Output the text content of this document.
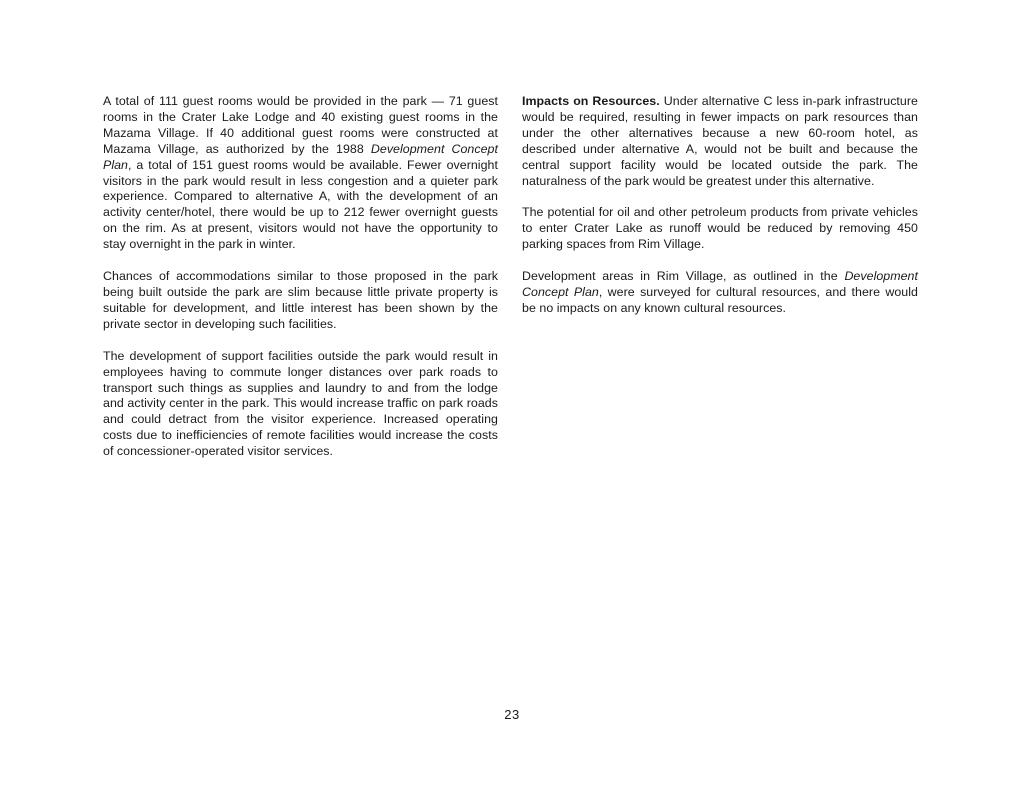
A total of 111 guest rooms would be provided in the park — 71 guest rooms in the Crater Lake Lodge and 40 existing guest rooms in the Mazama Village. If 40 additional guest rooms were constructed at Mazama Village, as authorized by the 1988 Development Concept Plan, a total of 151 guest rooms would be available. Fewer overnight visitors in the park would result in less congestion and a quieter park experience. Compared to alternative A, with the development of an activity center/hotel, there would be up to 212 fewer overnight guests on the rim. As at present, visitors would not have the opportunity to stay overnight in the park in winter.

Chances of accommodations similar to those proposed in the park being built outside the park are slim because little private property is suitable for development, and little interest has been shown by the private sector in developing such facilities.

The development of support facilities outside the park would result in employees having to commute longer distances over park roads to transport such things as supplies and laundry to and from the lodge and activity center in the park. This would increase traffic on park roads and could detract from the visitor experience. Increased operating costs due to inefficiencies of remote facilities would increase the costs of concessioner-operated visitor services.

Impacts on Resources. Under alternative C less in-park infrastructure would be required, resulting in fewer impacts on park resources than under the other alternatives because a new 60-room hotel, as described under alternative A, would not be built and because the central support facility would be located outside the park. The naturalness of the park would be greatest under this alternative.

The potential for oil and other petroleum products from private vehicles to enter Crater Lake as runoff would be reduced by removing 450 parking spaces from Rim Village.

Development areas in Rim Village, as outlined in the Development Concept Plan, were surveyed for cultural resources, and there would be no impacts on any known cultural resources.

23
